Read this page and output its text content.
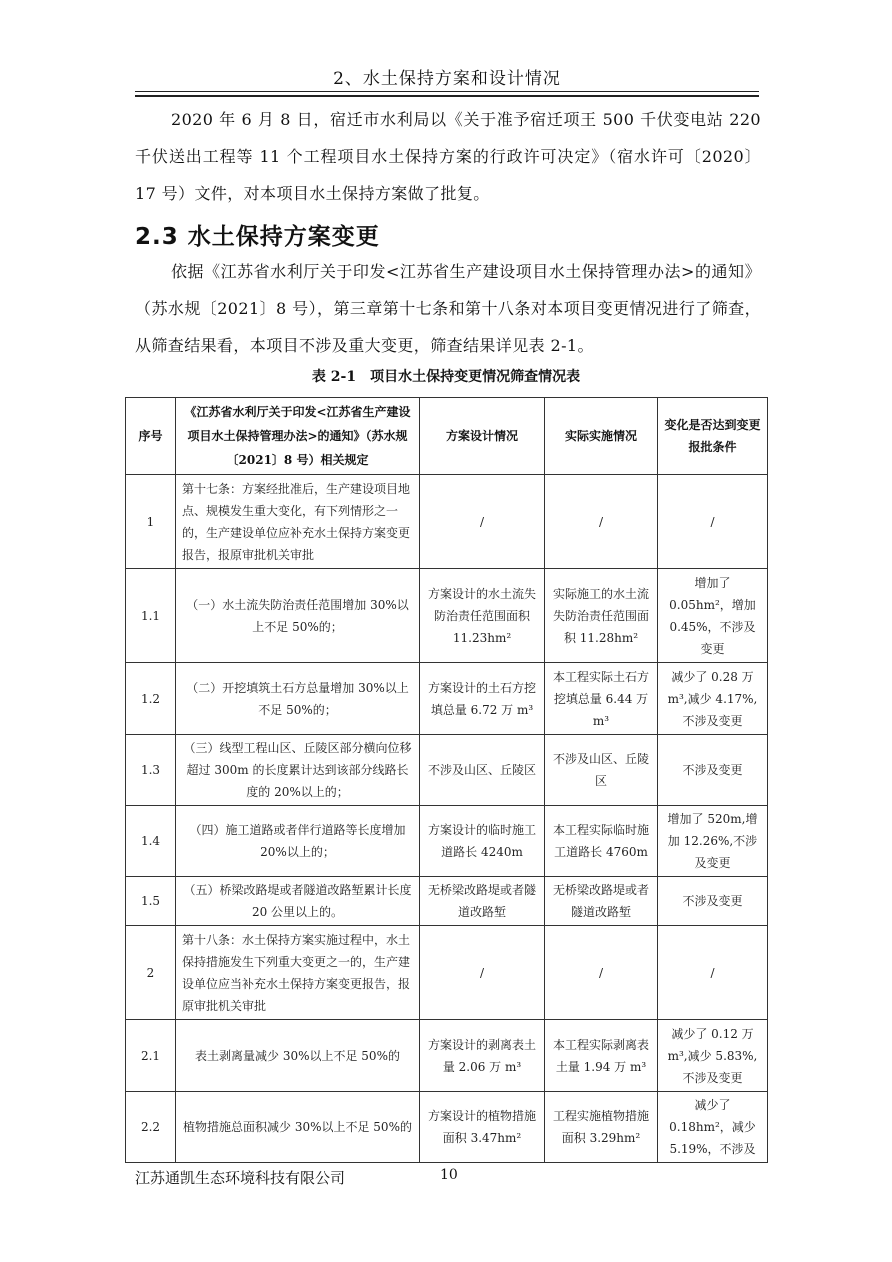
2、水土保持方案和设计情况

2020 年 6 月 8 日，宿迁市水利局以《关于准予宿迁项王 500 千伏变电站 220 千伏送出工程等 11 个工程项目水土保持方案的行政许可决定》（宿水许可〔2020〕17 号）文件，对本项目水土保持方案做了批复。

2.3 水土保持方案变更

依据《江苏省水利厅关于印发<江苏省生产建设项目水土保持管理办法>的通知》（苏水规〔2021〕8 号），第三章第十七条和第十八条对本项目变更情况进行了筛查，从筛查结果看，本项目不涉及重大变更，筛查结果详见表 2-1。

表 2-1　项目水土保持变更情况筛查情况表
序号	《江苏省水利厅关于印发<江苏省生产建设项目水土保持管理办法>的通知》（苏水规〔2021〕8 号）相关规定	方案设计情况	实际实施情况	变化是否达到变更报批条件
1	第十七条：方案经批准后，生产建设项目地点、规模发生重大变化，有下列情形之一的，生产建设单位应补充水土保持方案变更报告，报原审批机关审批	/	/	/
1.1	（一）水土流失防治责任范围增加 30%以上不足 50%的；	方案设计的水土流失防治责任范围面积 11.23hm²	实际施工的水土流失防治责任范围面积 11.28hm²	增加了 0.05hm²，增加 0.45%，不涉及变更
1.2	（二）开挖填筑土石方总量增加 30%以上不足 50%的；	方案设计的土石方挖填总量 6.72 万 m³	本工程实际土石方挖填总量 6.44 万 m³	减少了 0.28 万 m³,减少 4.17%,不涉及变更
1.3	（三）线型工程山区、丘陵区部分横向位移超过 300m 的长度累计达到该部分线路长度的 20%以上的；	不涉及山区、丘陵区	不涉及山区、丘陵区	不涉及变更
1.4	（四）施工道路或者伴行道路等长度增加 20%以上的；	方案设计的临时施工道路长 4240m	本工程实际临时施工道路长 4760m	增加了 520m,增加 12.26%,不涉及变更
1.5	（五）桥梁改路堤或者隧道改路堑累计长度 20 公里以上的。	无桥梁改路堤或者隧道改路堑	无桥梁改路堤或者隧道改路堑	不涉及变更
2	第十八条：水土保持方案实施过程中，水土保持措施发生下列重大变更之一的，生产建设单位应当补充水土保持方案变更报告，报原审批机关审批	/	/	/
2.1	表土剥离量减少 30%以上不足 50%的	方案设计的剥离表土量 2.06 万 m³	本工程实际剥离表土量 1.94 万 m³	减少了 0.12 万 m³,减少 5.83%,不涉及变更
2.2	植物措施总面积减少 30%以上不足 50%的	方案设计的植物措施面积 3.47hm²	工程实施植物措施面积 3.29hm²	减少了 0.18hm²，减少 5.19%，不涉及
江苏通凯生态环境科技有限公司	10
